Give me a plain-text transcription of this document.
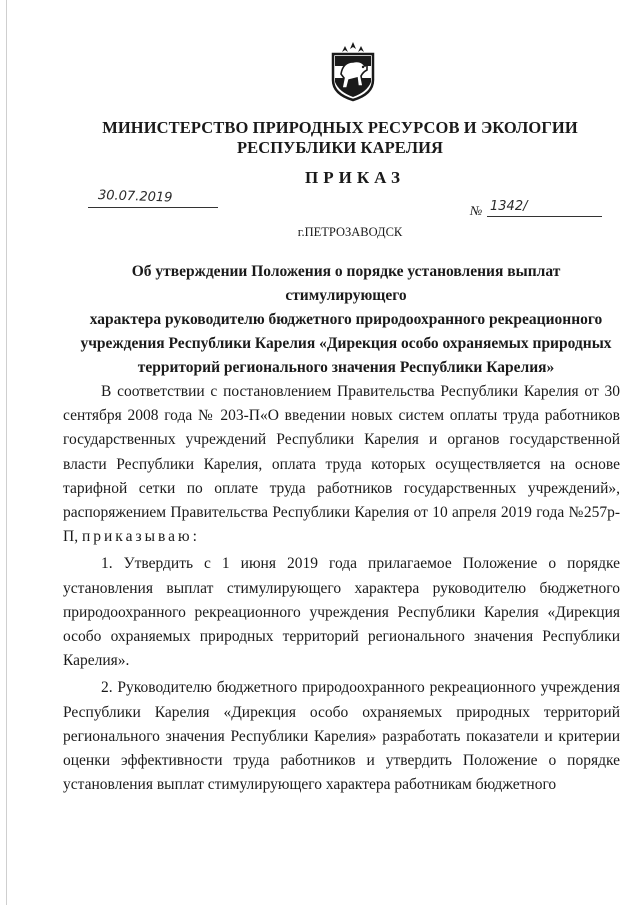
МИНИСТЕРСТВО ПРИРОДНЫХ РЕСУРСОВ И ЭКОЛОГИИ
РЕСПУБЛИКИ КАРЕЛИЯ
ПРИКАЗ
30.07.2019
№ 1342/
г.ПЕТРОЗАВОДСК
Об утверждении Положения о порядке установления выплат стимулирующего
характера руководителю бюджетного природоохранного рекреационного
учреждения Республики Карелия «Дирекция особо охраняемых природных
территорий регионального значения Республики Карелия»

В соответствии с постановлением Правительства Республики Карелия от 30 сентября 2008 года № 203-П«О введении новых систем оплаты труда работников государственных учреждений Республики Карелия и органов государственной власти Республики Карелия, оплата труда которых осуществляется на основе тарифной сетки по оплате труда работников государственных учреждений», распоряжением Правительства Республики Карелия от 10 апреля 2019 года №257р-П, приказываю:

1. Утвердить с 1 июня 2019 года прилагаемое Положение о порядке установления выплат стимулирующего характера руководителю бюджетного природоохранного рекреационного учреждения Республики Карелия «Дирекция особо охраняемых природных территорий регионального значения Республики Карелия».

2. Руководителю бюджетного природоохранного рекреационного учреждения Республики Карелия «Дирекция особо охраняемых природных территорий регионального значения Республики Карелия» разработать показатели и критерии оценки эффективности труда работников и утвердить Положение о порядке установления выплат стимулирующего характера работникам бюджетного
